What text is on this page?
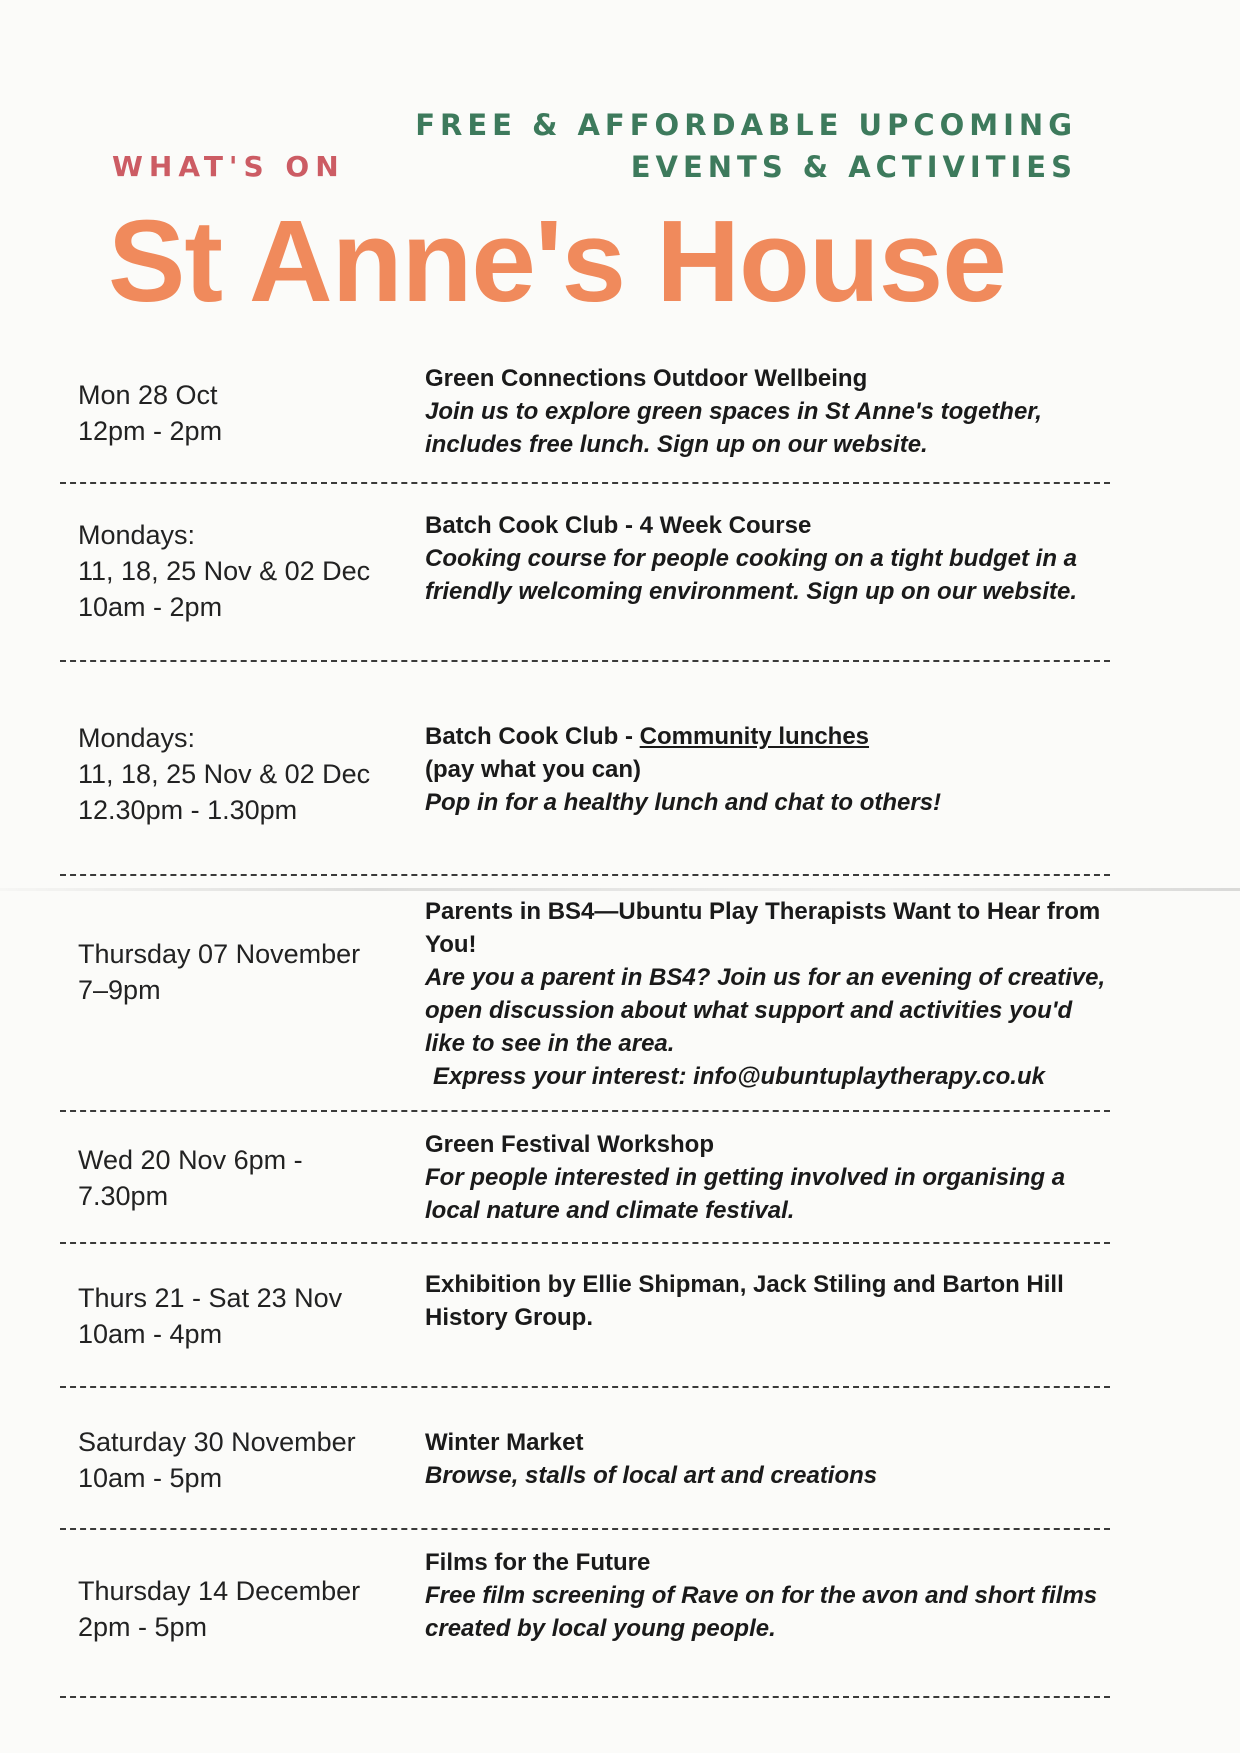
WHAT'S ON
FREE & AFFORDABLE UPCOMING
EVENTS & ACTIVITIES
St Anne's House
Mon 28 Oct
12pm - 2pm
Green Connections Outdoor Wellbeing
Join us to explore green spaces in St Anne's together, includes free lunch. Sign up on our website.
Mondays:
11, 18, 25 Nov & 02 Dec
10am - 2pm
Batch Cook Club - 4 Week Course
Cooking course for people cooking on a tight budget in a friendly welcoming environment. Sign up on our website.
Mondays:
11, 18, 25 Nov & 02 Dec
12.30pm - 1.30pm
Batch Cook Club - Community lunches
(pay what you can)
Pop in for a healthy lunch and chat to others!
Thursday 07 November
7–9pm
Parents in BS4—Ubuntu Play Therapists Want to Hear from You!
Are you a parent in BS4? Join us for an evening of creative, open discussion about what support and activities you'd like to see in the area.
Express your interest: info@ubuntuplaytherapy.co.uk
Wed 20 Nov 6pm -
7.30pm
Green Festival Workshop
For people interested in getting involved in organising a local nature and climate festival.
Thurs 21 - Sat 23 Nov
10am - 4pm
Exhibition by Ellie Shipman, Jack Stiling and Barton Hill History Group.
Saturday 30 November
10am - 5pm
Winter Market
Browse, stalls of local art and creations
Thursday 14 December
2pm - 5pm
Films for the Future
Free film screening of Rave on for the avon and short films created by local young people.
